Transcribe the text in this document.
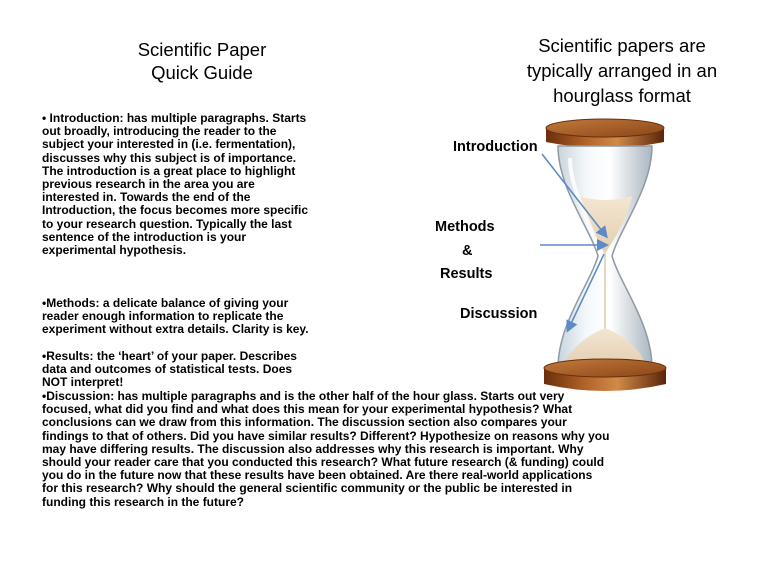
Scientific Paper
Quick Guide
Scientific papers are
typically arranged in an
hourglass format
• Introduction: has multiple paragraphs. Starts
out broadly, introducing the reader to the
subject your interested in (i.e. fermentation),
discusses why this subject is of importance.
The introduction is a great place to highlight
previous research in the area you are
interested in. Towards the end of the
Introduction, the focus becomes more specific
to your research question. Typically the last
sentence of the introduction is your
experimental hypothesis.
•Methods: a delicate balance of giving your
reader enough information to replicate the
experiment without extra details. Clarity is key.
•Results: the ‘heart’ of your paper. Describes
data and outcomes of statistical tests. Does
NOT interpret!
•Discussion: has multiple paragraphs and is the other half of the hour glass. Starts out very
focused, what did you find and what does this mean for your experimental hypothesis? What
conclusions can we draw from this information. The discussion section also compares your
findings to that of others. Did you have similar results? Different? Hypothesize on reasons why you
may have differing results. The discussion also addresses why this research is important. Why
should your reader care that you conducted this research? What future research (& funding) could
you do in the future now that these results have been obtained. Are there real-world applications
for this research? Why should the general scientific community or the public be interested in
funding this research in the future?
Introduction
Methods
&
Results
Discussion
